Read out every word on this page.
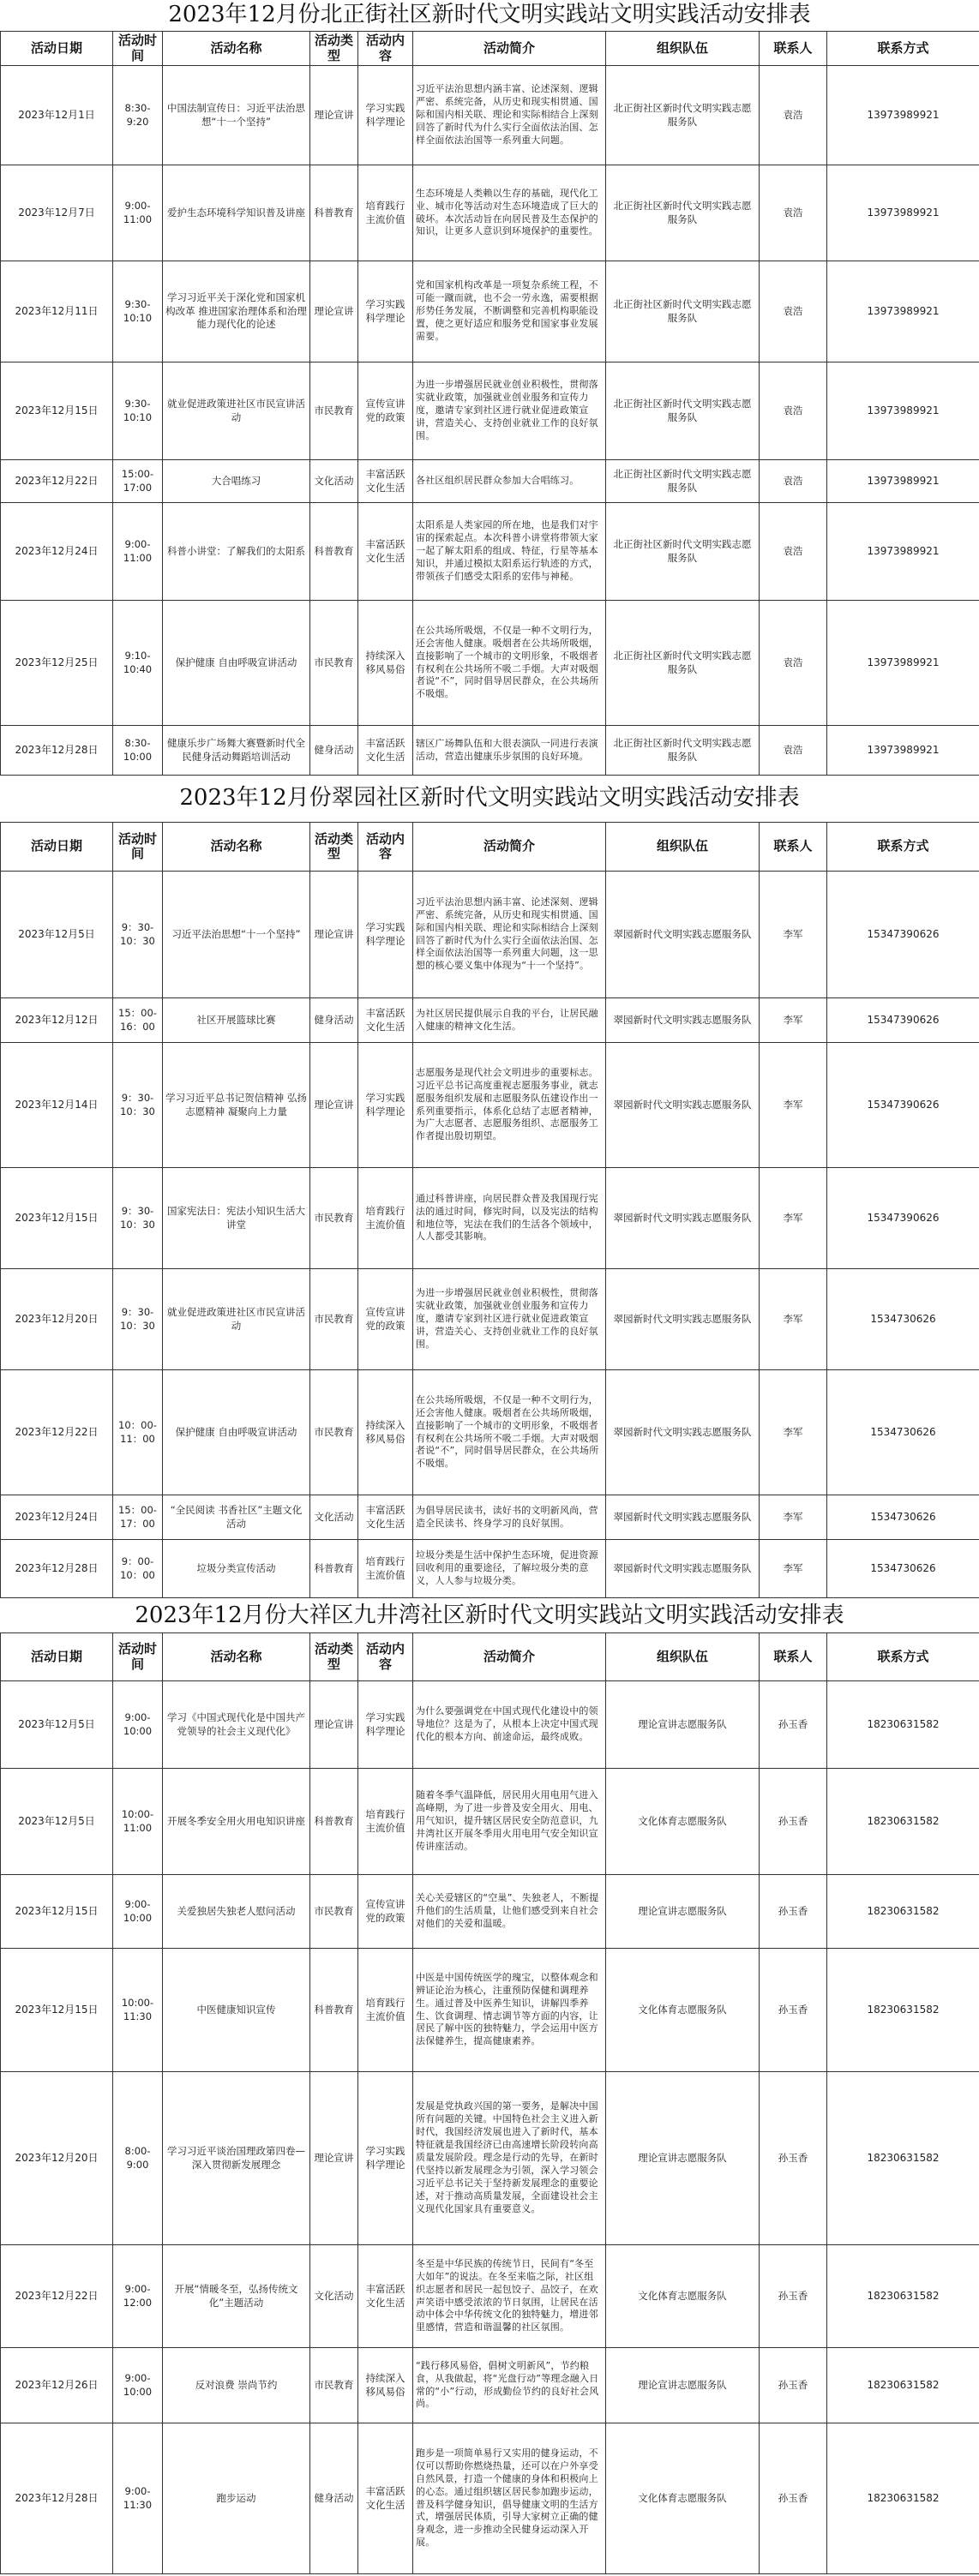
2023年12月份北正街社区新时代文明实践站文明实践活动安排表
活动日期	活动时间	活动名称	活动类型	活动内容	活动简介	组织队伍	联系人	联系方式
2023年12月1日	8:30-9:20	中国法制宣传日：习近平法治思想“十一个坚持”	理论宣讲	学习实践科学理论	习近平法治思想内涵丰富、论述深刻、逻辑严密、系统完备，从历史和现实相贯通、国际和国内相关联、理论和实际相结合上深刻回答了新时代为什么实行全面依法治国、怎样全面依法治国等一系列重大问题。	北正街社区新时代文明实践志愿服务队	袁浩	13973989921
2023年12月7日	9:00-11:00	爱护生态环境科学知识普及讲座	科普教育	培育践行主流价值	生态环境是人类赖以生存的基础，现代化工业、城市化等活动对生态环境造成了巨大的破坏。本次活动旨在向居民普及生态保护的知识，让更多人意识到环境保护的重要性。	北正街社区新时代文明实践志愿服务队	袁浩	13973989921
2023年12月11日	9:30-10:10	学习习近平关于深化党和国家机构改革 推进国家治理体系和治理能力现代化的论述	理论宣讲	学习实践科学理论	党和国家机构改革是一项复杂系统工程，不可能一蹴而就，也不会一劳永逸，需要根据形势任务发展，不断调整和完善机构职能设置，使之更好适应和服务党和国家事业发展需要。	北正街社区新时代文明实践志愿服务队	袁浩	13973989921
2023年12月15日	9:30-10:10	就业促进政策进社区市民宣讲活动	市民教育	宣传宣讲党的政策	为进一步增强居民就业创业积极性，贯彻落实就业政策，加强就业创业服务和宣传力度，邀请专家到社区进行就业促进政策宣讲，营造关心、支持创业就业工作的良好氛围。	北正街社区新时代文明实践志愿服务队	袁浩	13973989921
2023年12月22日	15:00-17:00	大合唱练习	文化活动	丰富活跃文化生活	各社区组织居民群众参加大合唱练习。	北正街社区新时代文明实践志愿服务队	袁浩	13973989921
2023年12月24日	9:00-11:00	科普小讲堂：了解我们的太阳系	科普教育	丰富活跃文化生活	太阳系是人类家园的所在地，也是我们对宇宙的探索起点。本次科普小讲堂将带领大家一起了解太阳系的组成、特征，行星等基本知识，并通过模拟太阳系运行轨迹的方式，带领孩子们感受太阳系的宏伟与神秘。	北正街社区新时代文明实践志愿服务队	袁浩	13973989921
2023年12月25日	9:10-10:40	保护健康 自由呼吸宣讲活动	市民教育	持续深入移风易俗	在公共场所吸烟，不仅是一种不文明行为，还会害他人健康。吸烟者在公共场所吸烟，直接影响了一个城市的文明形象，不吸烟者有权利在公共场所不吸二手烟。大声对吸烟者说“不”，同时倡导居民群众，在公共场所不吸烟。	北正街社区新时代文明实践志愿服务队	袁浩	13973989921
2023年12月28日	8:30-10:00	健康乐步广场舞大赛暨新时代全民健身活动舞蹈培训活动	健身活动	丰富活跃文化生活	辖区广场舞队伍和大很表演队一同进行表演活动，营造出健康乐步氛围的良好环境。	北正街社区新时代文明实践志愿服务队	袁浩	13973989921
2023年12月份翠园社区新时代文明实践站文明实践活动安排表
活动日期	活动时间	活动名称	活动类型	活动内容	活动简介	组织队伍	联系人	联系方式
2023年12月5日	9：30-10：30	习近平法治思想“十一个坚持”	理论宣讲	学习实践科学理论	习近平法治思想内涵丰富、论述深刻、逻辑严密、系统完备，从历史和现实相贯通、国际和国内相关联、理论和实际相结合上深刻回答了新时代为什么实行全面依法治国、怎样全面依法治国等一系列重大问题，这一思想的核心要义集中体现为“十一个坚持”。	翠园新时代文明实践志愿服务队	李军	15347390626
2023年12月12日	15：00-16：00	社区开展篮球比赛	健身活动	丰富活跃文化生活	为社区居民提供展示自我的平台，让居民融入健康的精神文化生活。	翠园新时代文明实践志愿服务队	李军	15347390626
2023年12月14日	9：30-10：30	学习习近平总书记贺信精神 弘扬志愿精神 凝聚向上力量	理论宣讲	学习实践科学理论	志愿服务是现代社会文明进步的重要标志。习近平总书记高度重视志愿服务事业，就志愿服务组织发展和志愿服务队伍建设作出一系列重要指示，体系化总结了志愿者精神，为广大志愿者、志愿服务组织、志愿服务工作者提出殷切期望。	翠园新时代文明实践志愿服务队	李军	15347390626
2023年12月15日	9：30-10：30	国家宪法日：宪法小知识生活大讲堂	市民教育	培育践行主流价值	通过科普讲座，向居民群众普及我国现行宪法的通过时间，修宪时间，以及宪法的结构和地位等，宪法在我们的生活各个领域中，人人都受其影响。	翠园新时代文明实践志愿服务队	李军	15347390626
2023年12月20日	9：30-10：30	就业促进政策进社区市民宣讲活动	市民教育	宣传宣讲党的政策	为进一步增强居民就业创业积极性，贯彻落实就业政策，加强就业创业服务和宣传力度，邀请专家到社区进行就业促进政策宣讲，营造关心、支持创业就业工作的良好氛围。	翠园新时代文明实践志愿服务队	李军	1534730626
2023年12月22日	10：00-11：00	保护健康 自由呼吸宣讲活动	市民教育	持续深入移风易俗	在公共场所吸烟，不仅是一种不文明行为，还会害他人健康。吸烟者在公共场所吸烟，直接影响了一个城市的文明形象，不吸烟者有权利在公共场所不吸二手烟。大声对吸烟者说“不”，同时倡导居民群众，在公共场所不吸烟。	翠园新时代文明实践志愿服务队	李军	1534730626
2023年12月24日	15：00-17：00	“全民阅读 书香社区”主题文化活动	文化活动	丰富活跃文化生活	为倡导居民读书，读好书的文明新风尚，营造全民读书、终身学习的良好氛围。	翠园新时代文明实践志愿服务队	李军	1534730626
2023年12月28日	9：00-10：00	垃圾分类宣传活动	科普教育	培育践行主流价值	垃圾分类是生活中保护生态环境，促进资源回收利用的重要途径，了解垃圾分类的意义，人人参与垃圾分类。	翠园新时代文明实践志愿服务队	李军	1534730626
2023年12月份大祥区九井湾社区新时代文明实践站文明实践活动安排表
活动日期	活动时间	活动名称	活动类型	活动内容	活动简介	组织队伍	联系人	联系方式
2023年12月5日	9:00-10:00	学习《中国式现代化是中国共产党领导的社会主义现代化》	理论宣讲	学习实践科学理论	为什么要强调党在中国式现代化建设中的领导地位？这是为了，从根本上决定中国式现代化的根本方向、前途命运，最终成败。	理论宣讲志愿服务队	孙玉香	18230631582
2023年12月5日	10:00-11:00	开展冬季安全用火用电知识讲座	科普教育	培育践行主流价值	随着冬季气温降低，居民用火用电用气进入高峰期，为了进一步普及安全用火、用电、用气知识，提升辖区居民安全防范意识，九井湾社区开展冬季用火用电用气安全知识宣传讲座活动。	文化体育志愿服务队	孙玉香	18230631582
2023年12月15日	9:00-10:00	关爱独居失独老人慰问活动	市民教育	宣传宣讲党的政策	关心关爱辖区的“空巢”、失独老人，不断提升他们的生活质量，让他们感受到来自社会对他们的关爱和温暖。	理论宣讲志愿服务队	孙玉香	18230631582
2023年12月15日	10:00-11:30	中医健康知识宣传	科普教育	培育践行主流价值	中医是中国传统医学的瑰宝，以整体观念和辨证论治为核心，注重预防保健和调理养生。通过普及中医养生知识，讲解四季养生、饮食调理、情志调节等方面的内容，让居民了解中医的独特魅力，学会运用中医方法保健养生，提高健康素养。	文化体育志愿服务队	孙玉香	18230631582
2023年12月20日	8:00-9:00	学习习近平谈治国理政第四卷—深入贯彻新发展理念	理论宣讲	学习实践科学理论	发展是党执政兴国的第一要务，是解决中国所有问题的关键。中国特色社会主义进入新时代，我国经济发展也进入了新时代，基本特征就是我国经济已由高速增长阶段转向高质量发展阶段。理念是行动的先导，在新时代坚持以新发展理念为引领，深入学习领会习近平总书记关于坚持新发展理念的重要论述，对于推动高质量发展，全面建设社会主义现代化国家具有重要意义。	理论宣讲志愿服务队	孙玉香	18230631582
2023年12月22日	9:00-12:00	开展“情暖冬至，弘扬传统文化”主题活动	文化活动	丰富活跃文化生活	冬至是中华民族的传统节日，民间有“冬至大如年”的说法。在冬至来临之际，社区组织志愿者和居民一起包饺子、品饺子，在欢声笑语中感受浓浓的节日氛围，让居民在活动中体会中华传统文化的独特魅力，增进邻里感情，营造和谐温馨的社区氛围。	文化体育志愿服务队	孙玉香	18230631582
2023年12月26日	9:00-10:00	反对浪费 崇尚节约	市民教育	持续深入移风易俗	“践行移风易俗，倡树文明新风”，节约粮食，从我做起，将“光盘行动”等理念融入日常的“小”行动，形成勤俭节约的良好社会风尚。	理论宣讲志愿服务队	孙玉香	18230631582
2023年12月28日	9:00-11:30	跑步运动	健身活动	丰富活跃文化生活	跑步是一项简单易行又实用的健身运动，不仅可以帮助你燃烧热量，还可以在户外享受自然风景，打造一个健康的身体和积极向上的心态。通过组织辖区居民参加跑步运动，普及科学健身知识，倡导健康文明的生活方式，增强居民体质，引导大家树立正确的健身观念，进一步推动全民健身运动深入开展。	文化体育志愿服务队	孙玉香	18230631582
